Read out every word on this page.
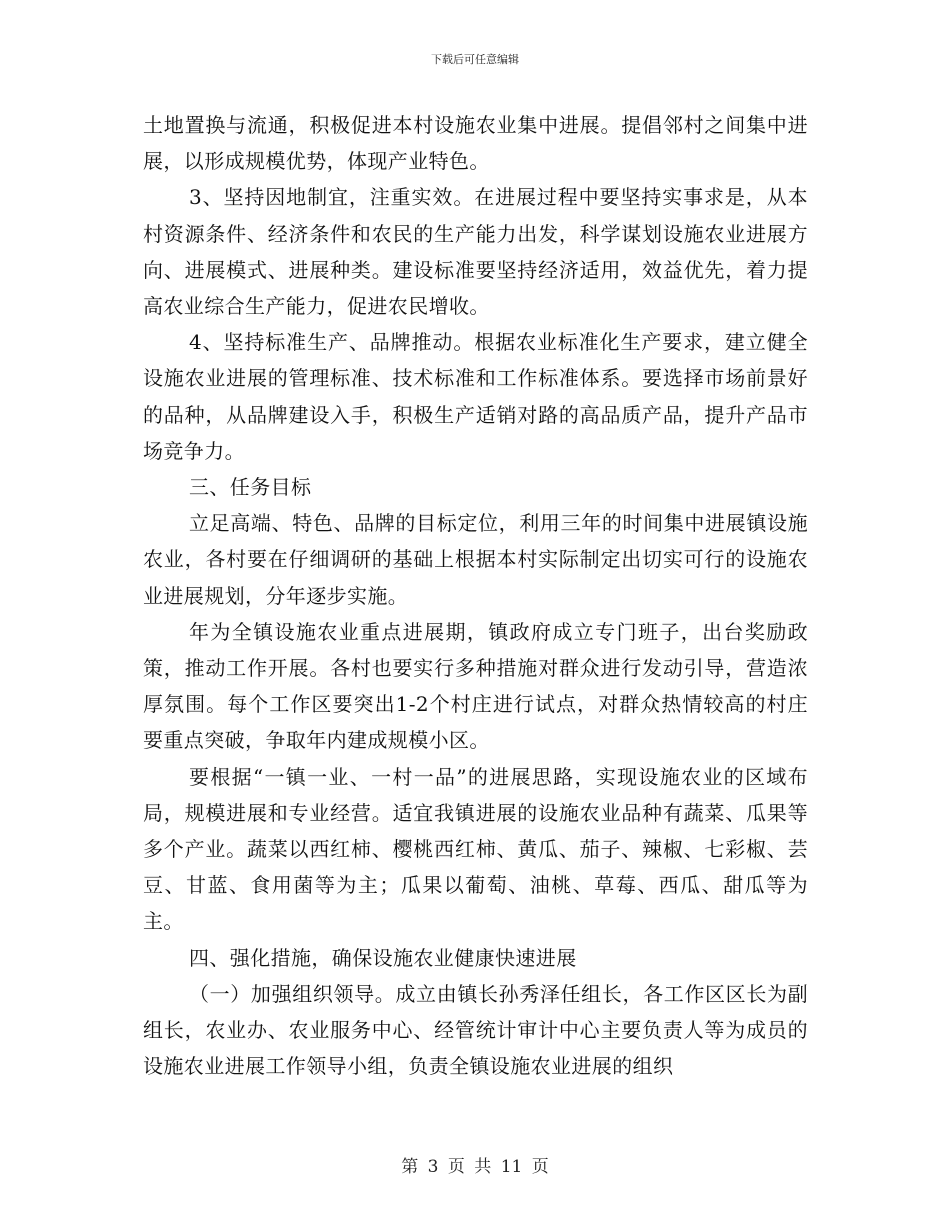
下载后可任意编辑

土地置换与流通，积极促进本村设施农业集中进展。提倡邻村之间集中进展，以形成规模优势，体现产业特色。

3、坚持因地制宜，注重实效。在进展过程中要坚持实事求是，从本村资源条件、经济条件和农民的生产能力出发，科学谋划设施农业进展方向、进展模式、进展种类。建设标准要坚持经济适用，效益优先，着力提高农业综合生产能力，促进农民增收。

4、坚持标准生产、品牌推动。根据农业标准化生产要求，建立健全设施农业进展的管理标准、技术标准和工作标准体系。要选择市场前景好的品种，从品牌建设入手，积极生产适销对路的高品质产品，提升产品市场竞争力。

三、任务目标

立足高端、特色、品牌的目标定位，利用三年的时间集中进展镇设施农业，各村要在仔细调研的基础上根据本村实际制定出切实可行的设施农业进展规划，分年逐步实施。

年为全镇设施农业重点进展期，镇政府成立专门班子，出台奖励政策，推动工作开展。各村也要实行多种措施对群众进行发动引导，营造浓厚氛围。每个工作区要突出1-2个村庄进行试点，对群众热情较高的村庄要重点突破，争取年内建成规模小区。

要根据“一镇一业、一村一品”的进展思路，实现设施农业的区域布局，规模进展和专业经营。适宜我镇进展的设施农业品种有蔬菜、瓜果等多个产业。蔬菜以西红柿、樱桃西红柿、黄瓜、茄子、辣椒、七彩椒、芸豆、甘蓝、食用菌等为主；瓜果以葡萄、油桃、草莓、西瓜、甜瓜等为主。

四、强化措施，确保设施农业健康快速进展

（一）加强组织领导。成立由镇长孙秀泽任组长，各工作区区长为副组长，农业办、农业服务中心、经管统计审计中心主要负责人等为成员的设施农业进展工作领导小组，负责全镇设施农业进展的组织

第 3 页 共 11 页
